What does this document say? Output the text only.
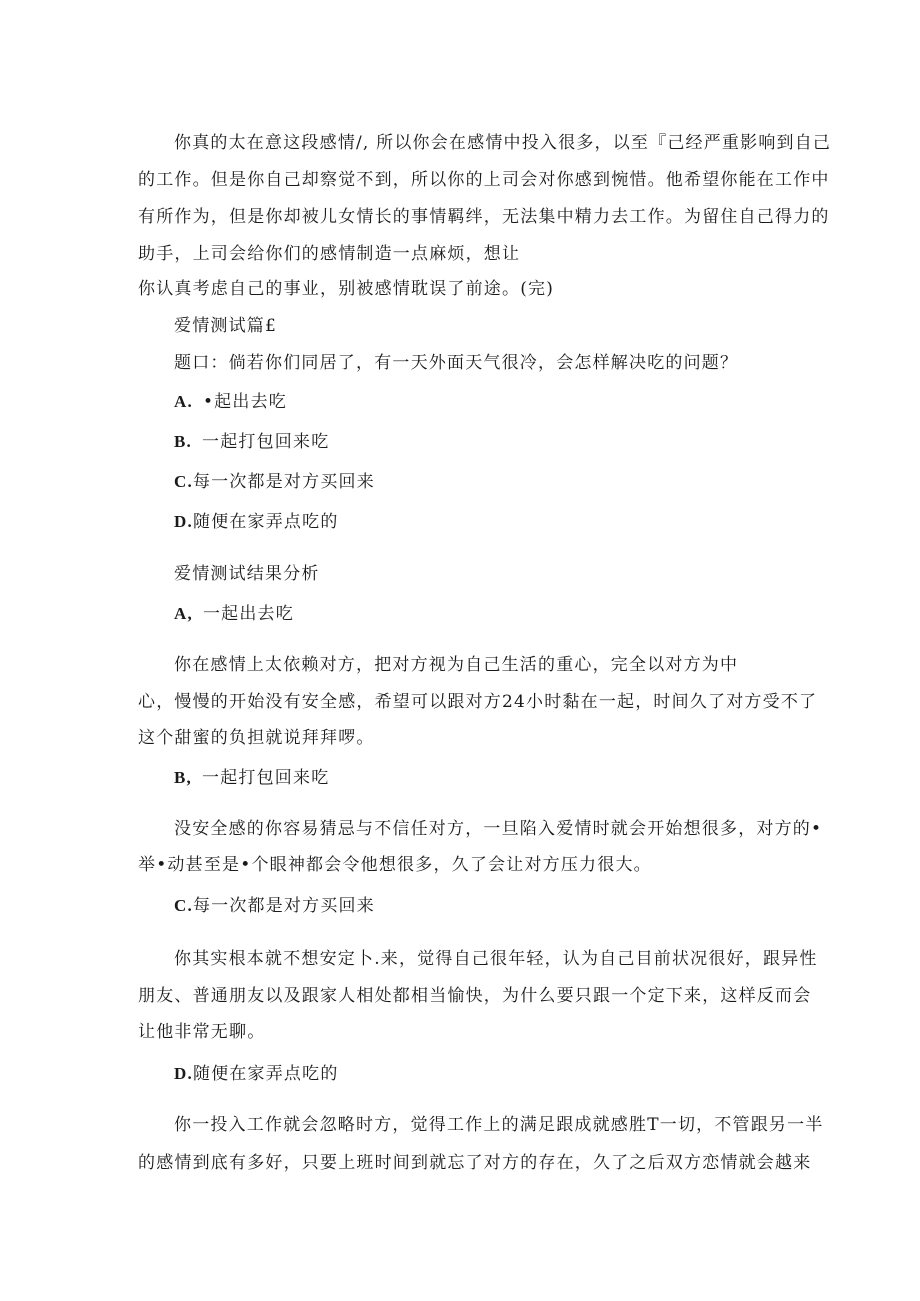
你真的太在意这段感情/, 所以你会在感情中投入很多，以至『己经严重影响到自己
的工作。但是你自己却察觉不到，所以你的上司会对你感到惋惜。他希望你能在工作中
有所作为，但是你却被儿女情长的事情羁绊，无法集中精力去工作。为留住自己得力的
助手，上司会给你们的感情制造一点麻烦，想让
你认真考虑自己的事业，别被感情耽误了前途。(完)
爱情测试篇£
题口：倘若你们同居了，有一天外面天气很冷，会怎样解决吃的问题？
A. •起出去吃
B. 一起打包回来吃
C.每一次都是对方买回来
D.随便在家弄点吃的
爱情测试结果分析
A, 一起出去吃
你在感情上太依赖对方，把对方视为自己生活的重心，完全以对方为中
心，慢慢的开始没有安全感，希望可以跟对方24小时黏在一起，时间久了对方受不了
这个甜蜜的负担就说拜拜啰。
B, 一起打包回来吃
没安全感的你容易猜忌与不信任对方，一旦陷入爱情时就会开始想很多，对方的•
举•动甚至是•个眼神都会令他想很多，久了会让对方压力很大。
C.每一次都是对方买回来
你其实根本就不想安定卜.来，觉得自己很年轻，认为自己目前状况很好，跟异性
朋友、普通朋友以及跟家人相处都相当愉快，为什么要只跟一个定下来，这样反而会
让他非常无聊。
D.随便在家弄点吃的
你一投入工作就会忽略时方，觉得工作上的满足跟成就感胜T一切，不管跟另一半
的感情到底有多好，只要上班时间到就忘了对方的存在，久了之后双方恋情就会越来
